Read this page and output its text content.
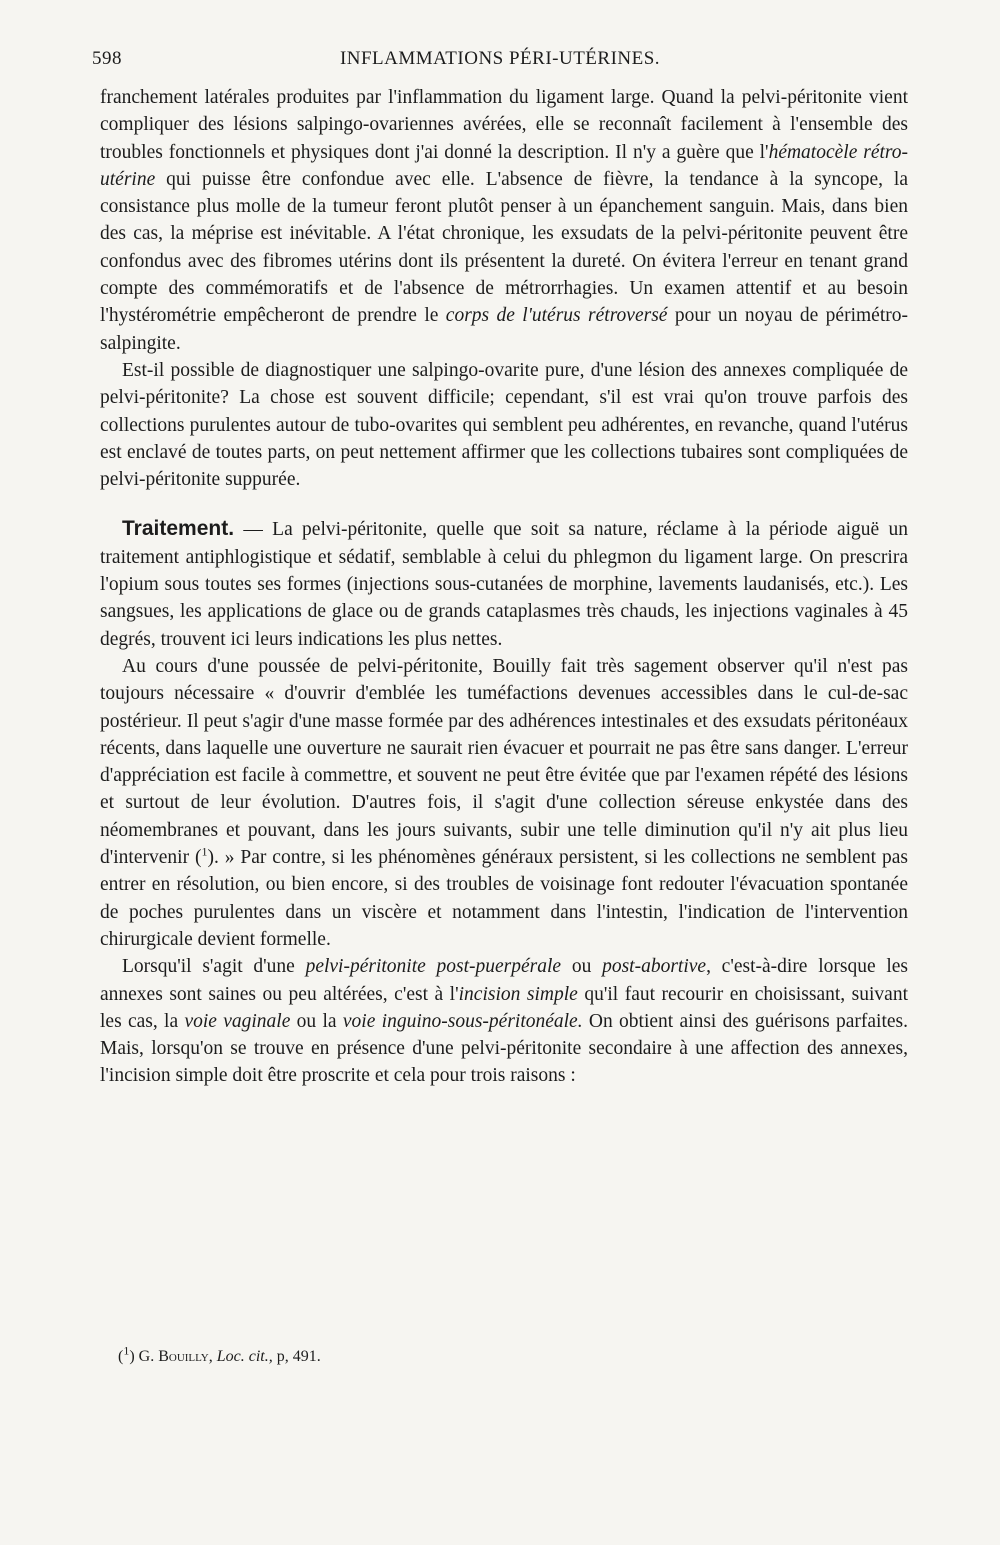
598	INFLAMMATIONS PÉRI-UTÉRINES.

franchement latérales produites par l'inflammation du ligament large. Quand la pelvi-péritonite vient compliquer des lésions salpingo-ovariennes avérées, elle se reconnaît facilement à l'ensemble des troubles fonctionnels et physiques dont j'ai donné la description. Il n'y a guère que l'hématocèle rétro-utérine qui puisse être confondue avec elle. L'absence de fièvre, la tendance à la syncope, la consistance plus molle de la tumeur feront plutôt penser à un épanchement sanguin. Mais, dans bien des cas, la méprise est inévitable. A l'état chronique, les exsudats de la pelvi-péritonite peuvent être confondus avec des fibromes utérins dont ils présentent la dureté. On évitera l'erreur en tenant grand compte des commémoratifs et de l'absence de métrorrhagies. Un examen attentif et au besoin l'hystérométrie empêcheront de prendre le corps de l'utérus rétroversé pour un noyau de périmétro-salpingite.

Est-il possible de diagnostiquer une salpingo-ovarite pure, d'une lésion des annexes compliquée de pelvi-péritonite? La chose est souvent difficile; cependant, s'il est vrai qu'on trouve parfois des collections purulentes autour de tubo-ovarites qui semblent peu adhérentes, en revanche, quand l'utérus est enclavé de toutes parts, on peut nettement affirmer que les collections tubaires sont compliquées de pelvi-péritonite suppurée.

Traitement. — La pelvi-péritonite, quelle que soit sa nature, réclame à la période aiguë un traitement antiphlogistique et sédatif, semblable à celui du phlegmon du ligament large. On prescrira l'opium sous toutes ses formes (injections sous-cutanées de morphine, lavements laudanisés, etc.). Les sangsues, les applications de glace ou de grands cataplasmes très chauds, les injections vaginales à 45 degrés, trouvent ici leurs indications les plus nettes.

Au cours d'une poussée de pelvi-péritonite, Bouilly fait très sagement observer qu'il n'est pas toujours nécessaire « d'ouvrir d'emblée les tuméfactions devenues accessibles dans le cul-de-sac postérieur. Il peut s'agir d'une masse formée par des adhérences intestinales et des exsudats péritonéaux récents, dans laquelle une ouverture ne saurait rien évacuer et pourrait ne pas être sans danger. L'erreur d'appréciation est facile à commettre, et souvent ne peut être évitée que par l'examen répété des lésions et surtout de leur évolution. D'autres fois, il s'agit d'une collection séreuse enkystée dans des néomembranes et pouvant, dans les jours suivants, subir une telle diminution qu'il n'y ait plus lieu d'intervenir ($^1$). » Par contre, si les phénomènes généraux persistent, si les collections ne semblent pas entrer en résolution, ou bien encore, si des troubles de voisinage font redouter l'évacuation spontanée de poches purulentes dans un viscère et notamment dans l'intestin, l'indication de l'intervention chirurgicale devient formelle.

Lorsqu'il s'agit d'une pelvi-péritonite post-puerpérale ou post-abortive, c'est-à-dire lorsque les annexes sont saines ou peu altérées, c'est à l'incision simple qu'il faut recourir en choisissant, suivant les cas, la voie vaginale ou la voie inguino-sous-péritonéale. On obtient ainsi des guérisons parfaites. Mais, lorsqu'on se trouve en présence d'une pelvi-péritonite secondaire à une affection des annexes, l'incision simple doit être proscrite et cela pour trois raisons :

($^1$) G. Bouilly, Loc. cit., p, 491.
